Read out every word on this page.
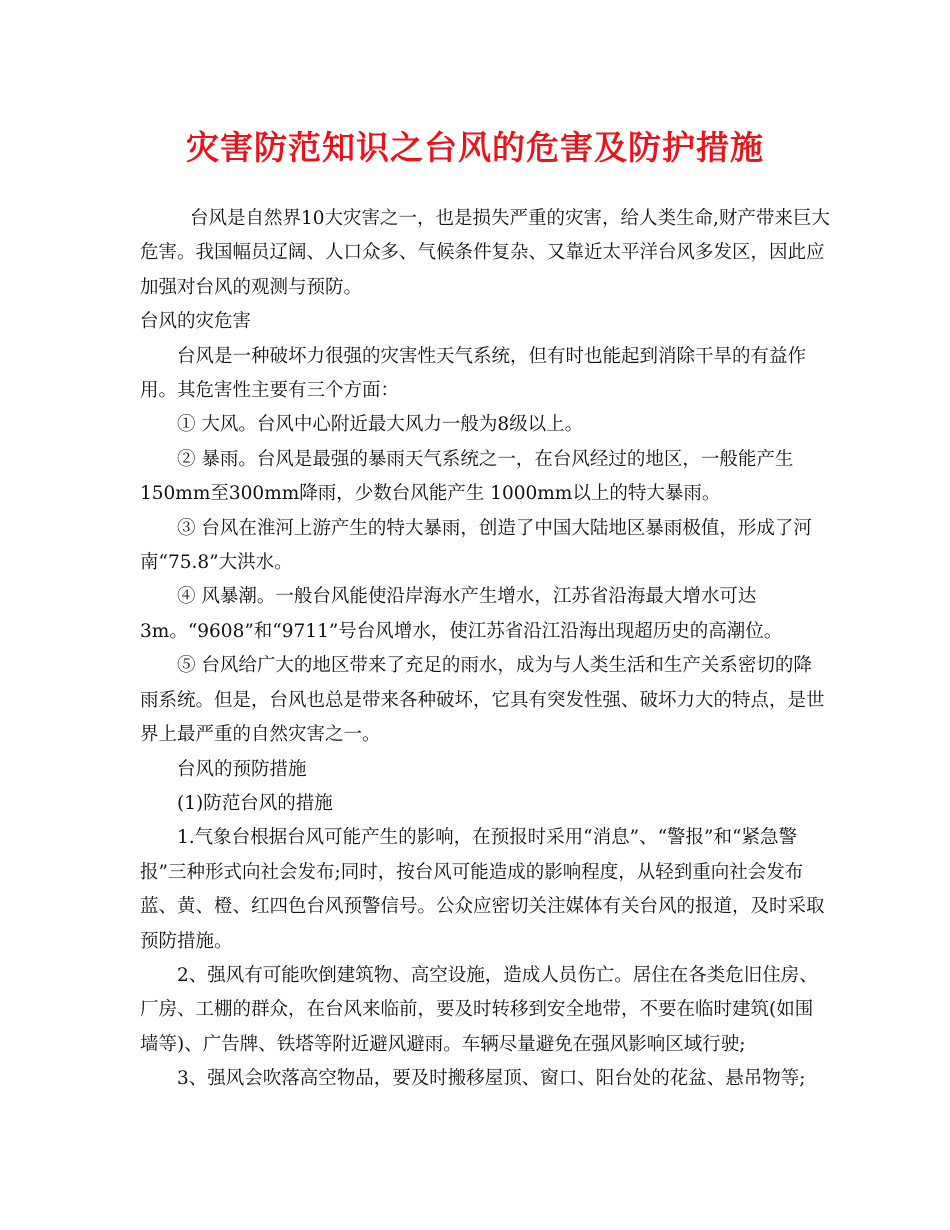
灾害防范知识之台风的危害及防护措施

台风是自然界10大灾害之一，也是损失严重的灾害，给人类生命,财产带来巨大危害。我国幅员辽阔、人口众多、气候条件复杂、又靠近太平洋台风多发区，因此应加强对台风的观测与预防。

台风的灾危害

台风是一种破坏力很强的灾害性天气系统，但有时也能起到消除干旱的有益作用。其危害性主要有三个方面：

① 大风。台风中心附近最大风力一般为8级以上。

② 暴雨。台风是最强的暴雨天气系统之一，在台风经过的地区，一般能产生150mm至300mm降雨，少数台风能产生 1000mm以上的特大暴雨。

③ 台风在淮河上游产生的特大暴雨，创造了中国大陆地区暴雨极值，形成了河南“75.8”大洪水。

④ 风暴潮。一般台风能使沿岸海水产生增水，江苏省沿海最大增水可达3m。“9608”和“9711”号台风增水，使江苏省沿江沿海出现超历史的高潮位。

⑤ 台风给广大的地区带来了充足的雨水，成为与人类生活和生产关系密切的降雨系统。但是，台风也总是带来各种破坏，它具有突发性强、破坏力大的特点，是世界上最严重的自然灾害之一。

台风的预防措施

(1)防范台风的措施

1.气象台根据台风可能产生的影响，在预报时采用“消息”、“警报”和“紧急警报”三种形式向社会发布;同时，按台风可能造成的影响程度，从轻到重向社会发布蓝、黄、橙、红四色台风预警信号。公众应密切关注媒体有关台风的报道，及时采取预防措施。

2、强风有可能吹倒建筑物、高空设施，造成人员伤亡。居住在各类危旧住房、厂房、工棚的群众，在台风来临前，要及时转移到安全地带，不要在临时建筑(如围墙等)、广告牌、铁塔等附近避风避雨。车辆尽量避免在强风影响区域行驶;

3、强风会吹落高空物品，要及时搬移屋顶、窗口、阳台处的花盆、悬吊物等;
